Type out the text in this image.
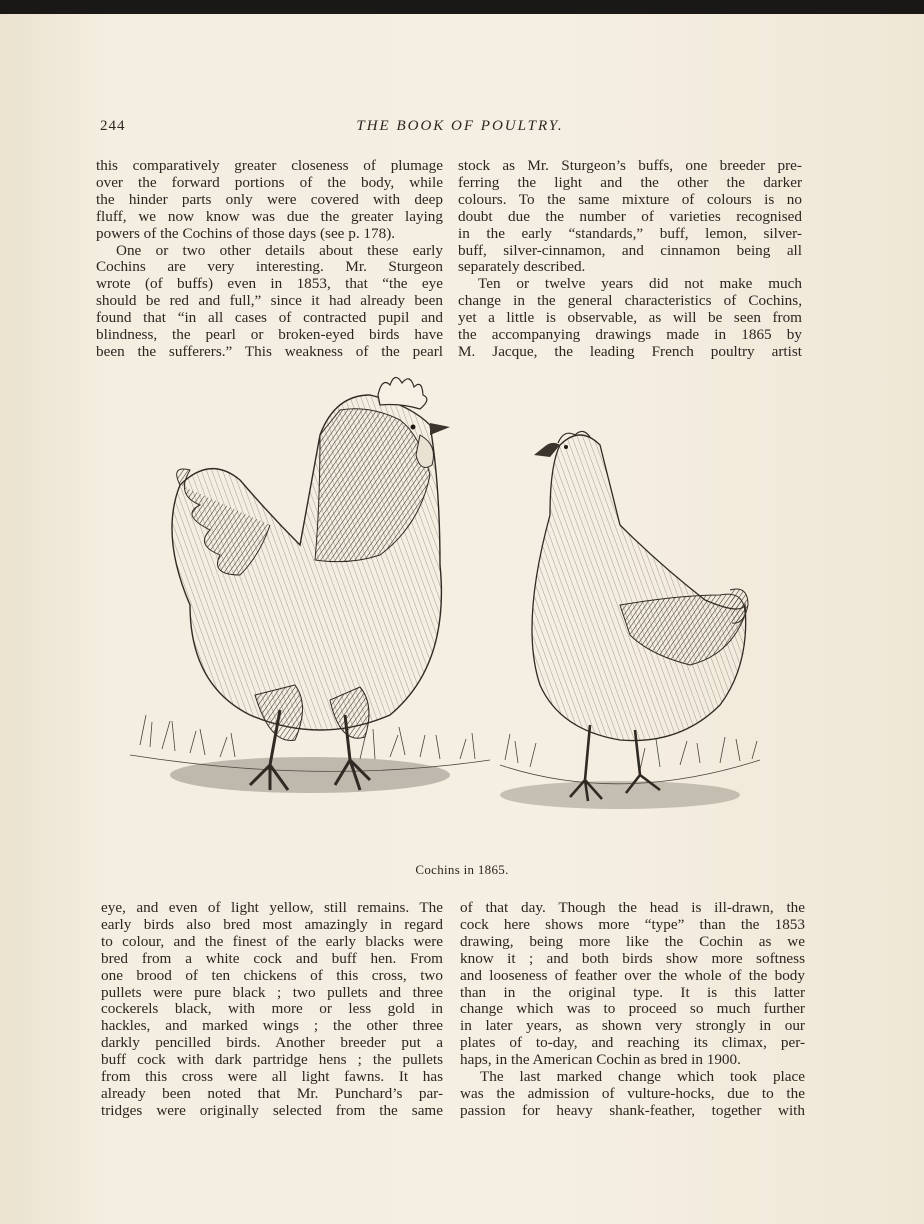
244	THE BOOK OF POULTRY.
this comparatively greater closeness of plumage
over the forward portions of the body, while
the hinder parts only were covered with deep
fluff, we now know was due the greater laying
powers of the Cochins of those days (see p. 178).
One or two other details about these early
Cochins are very interesting. Mr. Sturgeon
wrote (of buffs) even in 1853, that “the eye
should be red and full,” since it had already been
found that “in all cases of contracted pupil and
blindness, the pearl or broken-eyed birds have
been the sufferers.” This weakness of the pearl
stock as Mr. Sturgeon’s buffs, one breeder pre-
ferring the light and the other the darker
colours. To the same mixture of colours is no
doubt due the number of varieties recognised
in the early “standards,” buff, lemon, silver-
buff, silver-cinnamon, and cinnamon being all
separately described.
Ten or twelve years did not make much
change in the general characteristics of Cochins,
yet a little is observable, as will be seen from
the accompanying drawings made in 1865 by
M. Jacque, the leading French poultry artist
Cochins in 1865.
eye, and even of light yellow, still remains. The
early birds also bred most amazingly in regard
to colour, and the finest of the early blacks were
bred from a white cock and buff hen. From
one brood of ten chickens of this cross, two
pullets were pure black ; two pullets and three
cockerels black, with more or less gold in
hackles, and marked wings ; the other three
darkly pencilled birds. Another breeder put a
buff cock with dark partridge hens ; the pullets
from this cross were all light fawns. It has
already been noted that Mr. Punchard’s par-
tridges were originally selected from the same
of that day. Though the head is ill-drawn, the
cock here shows more “type” than the 1853
drawing, being more like the Cochin as we
know it ; and both birds show more softness
and looseness of feather over the whole of the body
than in the original type. It is this latter
change which was to proceed so much further
in later years, as shown very strongly in our
plates of to-day, and reaching its climax, per-
haps, in the American Cochin as bred in 1900.
The last marked change which took place
was the admission of vulture-hocks, due to the
passion for heavy shank-feather, together with
